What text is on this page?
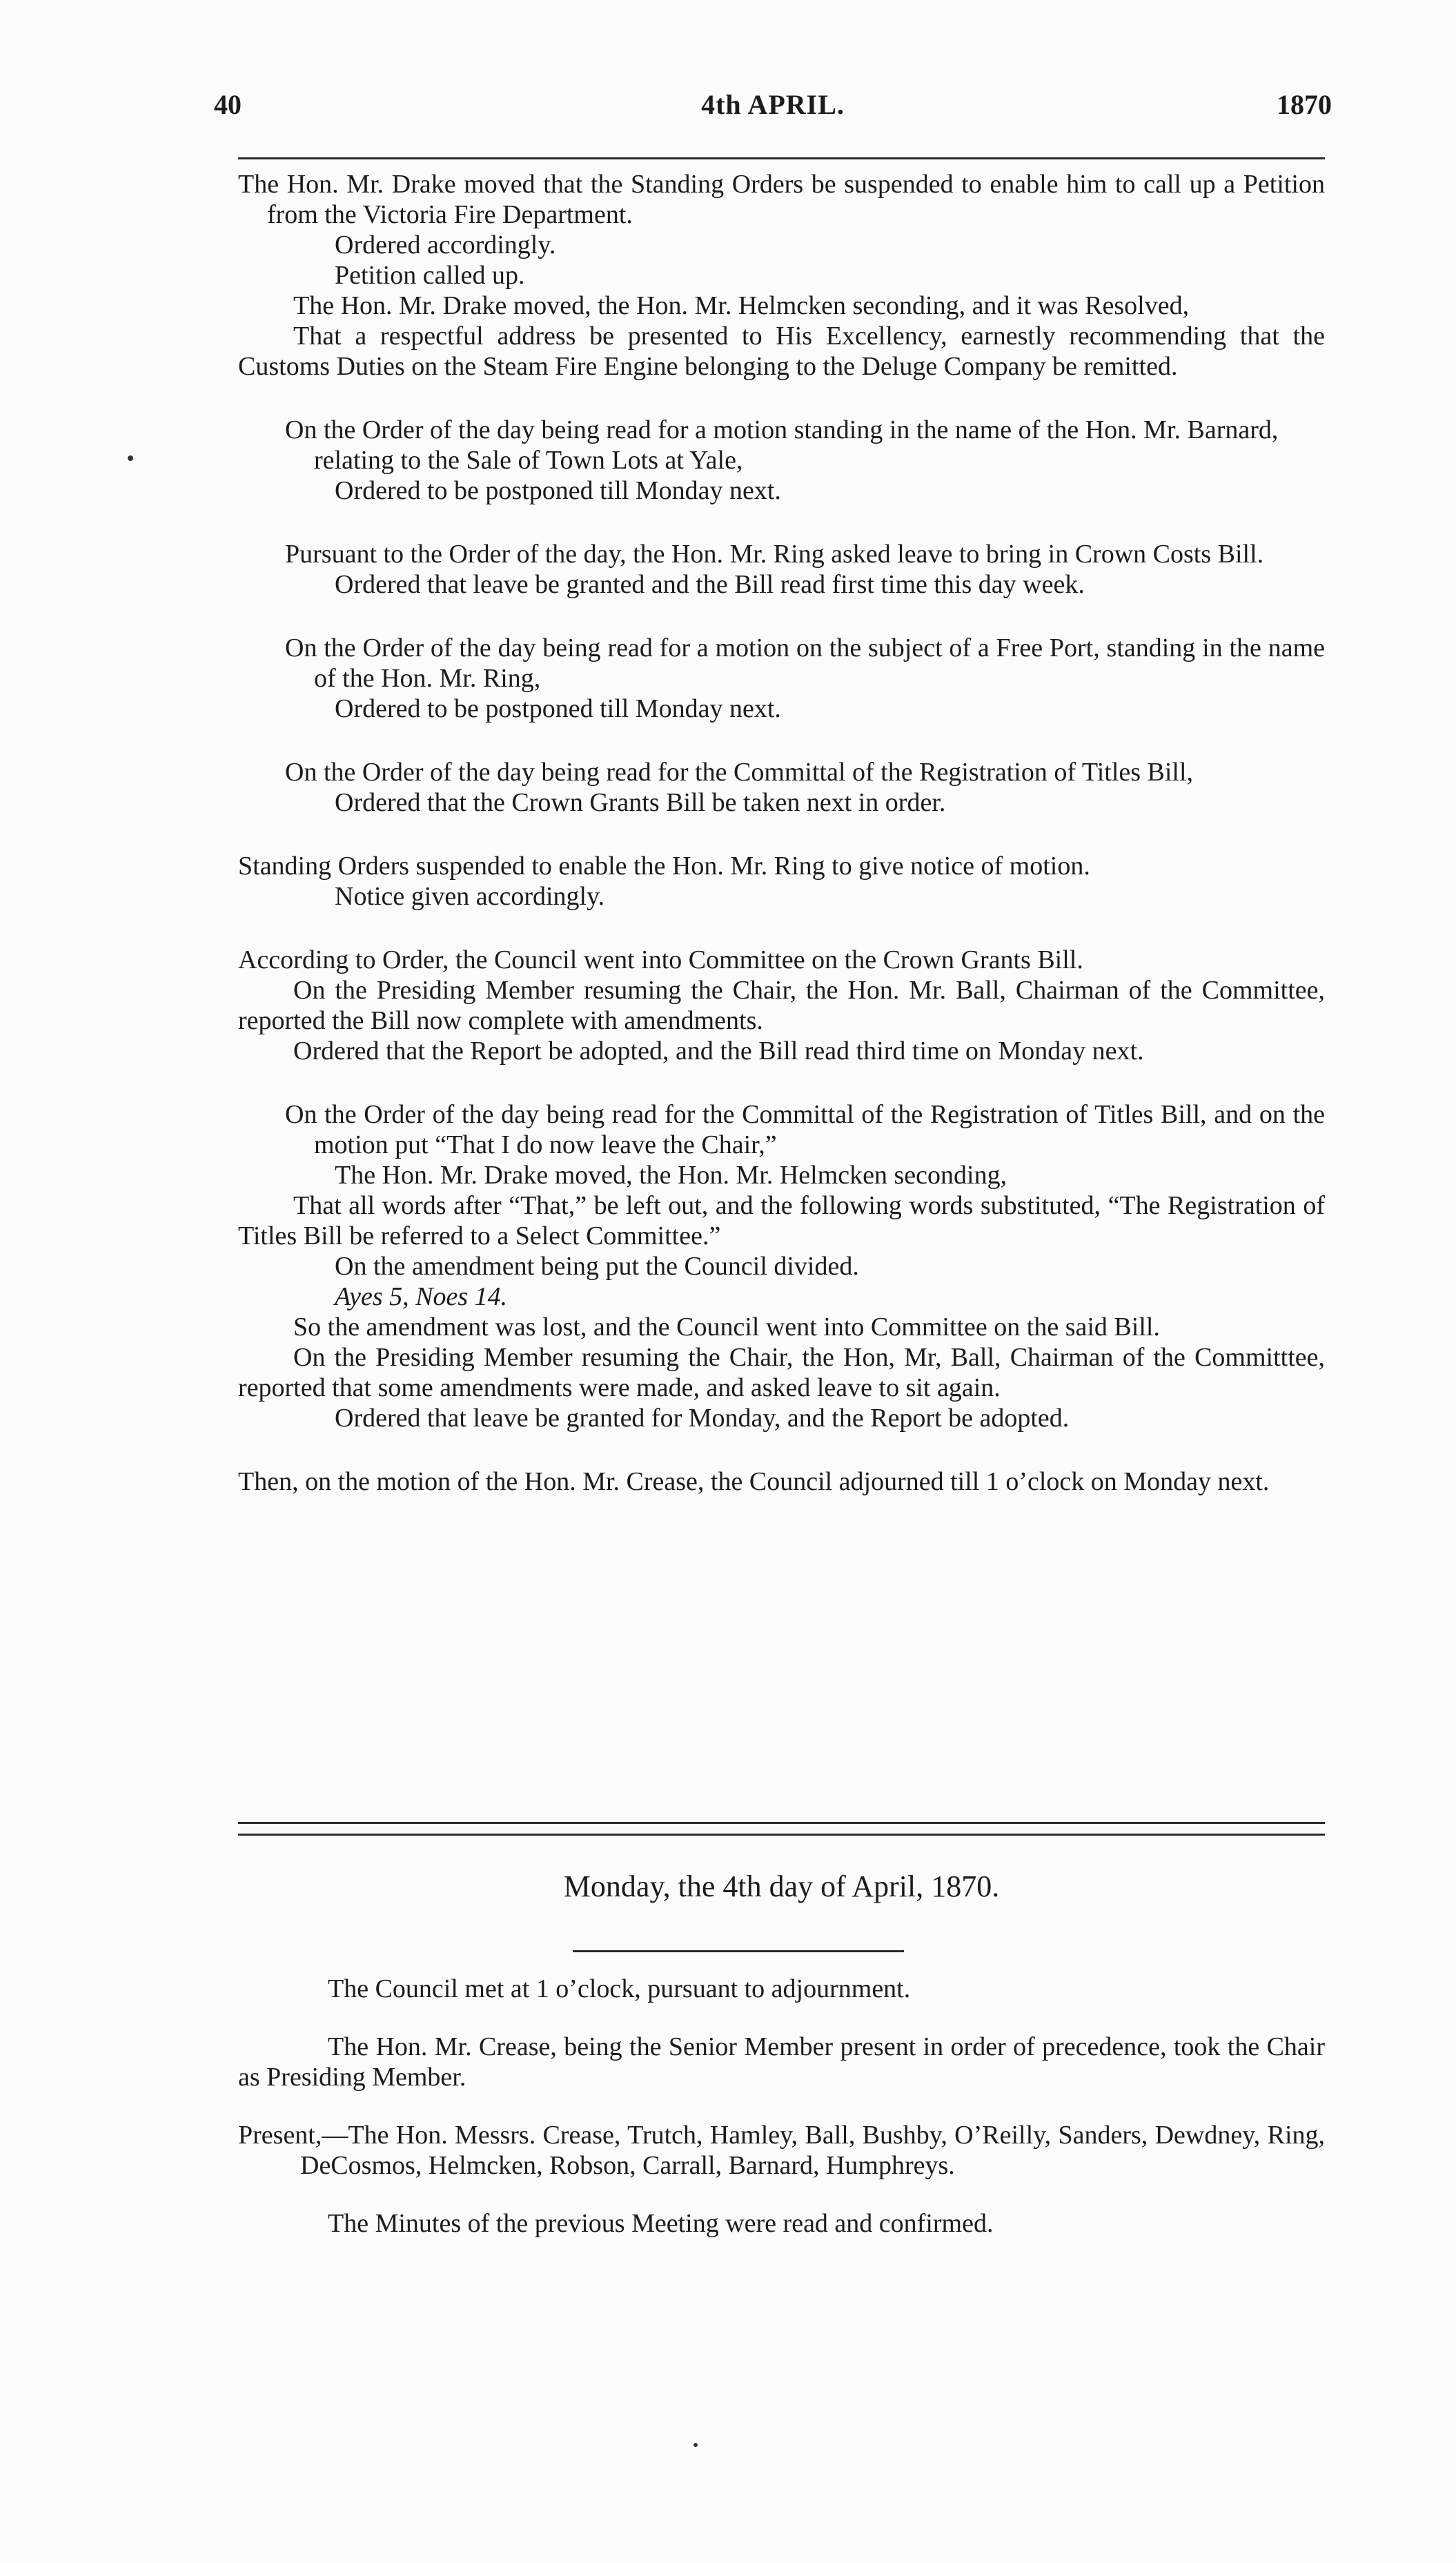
40	4th APRIL.	1870

The Hon. Mr. Drake moved that the Standing Orders be suspended to enable him to call up a Petition from the Victoria Fire Department.

Ordered accordingly.

Petition called up.

The Hon. Mr. Drake moved, the Hon. Mr. Helmcken seconding, and it was Resolved,

That a respectful address be presented to His Excellency, earnestly recommending that the Customs Duties on the Steam Fire Engine belonging to the Deluge Company be remitted.

On the Order of the day being read for a motion standing in the name of the Hon. Mr. Barnard, relating to the Sale of Town Lots at Yale,

Ordered to be postponed till Monday next.

Pursuant to the Order of the day, the Hon. Mr. Ring asked leave to bring in Crown Costs Bill.

Ordered that leave be granted and the Bill read first time this day week.

On the Order of the day being read for a motion on the subject of a Free Port, standing in the name of the Hon. Mr. Ring,

Ordered to be postponed till Monday next.

On the Order of the day being read for the Committal of the Registration of Titles Bill,

Ordered that the Crown Grants Bill be taken next in order.

Standing Orders suspended to enable the Hon. Mr. Ring to give notice of motion.

Notice given accordingly.

According to Order, the Council went into Committee on the Crown Grants Bill.

On the Presiding Member resuming the Chair, the Hon. Mr. Ball, Chairman of the Committee, reported the Bill now complete with amendments.

Ordered that the Report be adopted, and the Bill read third time on Monday next.

On the Order of the day being read for the Committal of the Registration of Titles Bill, and on the motion put “That I do now leave the Chair,”

The Hon. Mr. Drake moved, the Hon. Mr. Helmcken seconding,

That all words after “That,” be left out, and the following words substituted, “The Registration of Titles Bill be referred to a Select Committee.”

On the amendment being put the Council divided.

Ayes 5, Noes 14.

So the amendment was lost, and the Council went into Committee on the said Bill.

On the Presiding Member resuming the Chair, the Hon, Mr, Ball, Chairman of the Committtee, reported that some amendments were made, and asked leave to sit again.

Ordered that leave be granted for Monday, and the Report be adopted.

Then, on the motion of the Hon. Mr. Crease, the Council adjourned till 1 o’clock on Monday next.

Monday, the 4th day of April, 1870.

The Council met at 1 o’clock, pursuant to adjournment.

The Hon. Mr. Crease, being the Senior Member present in order of precedence, took the Chair as Presiding Member.

Present,—The Hon. Messrs. Crease, Trutch, Hamley, Ball, Bushby, O’Reilly, Sanders, Dewdney, Ring, DeCosmos, Helmcken, Robson, Carrall, Barnard, Humphreys.

The Minutes of the previous Meeting were read and confirmed.
